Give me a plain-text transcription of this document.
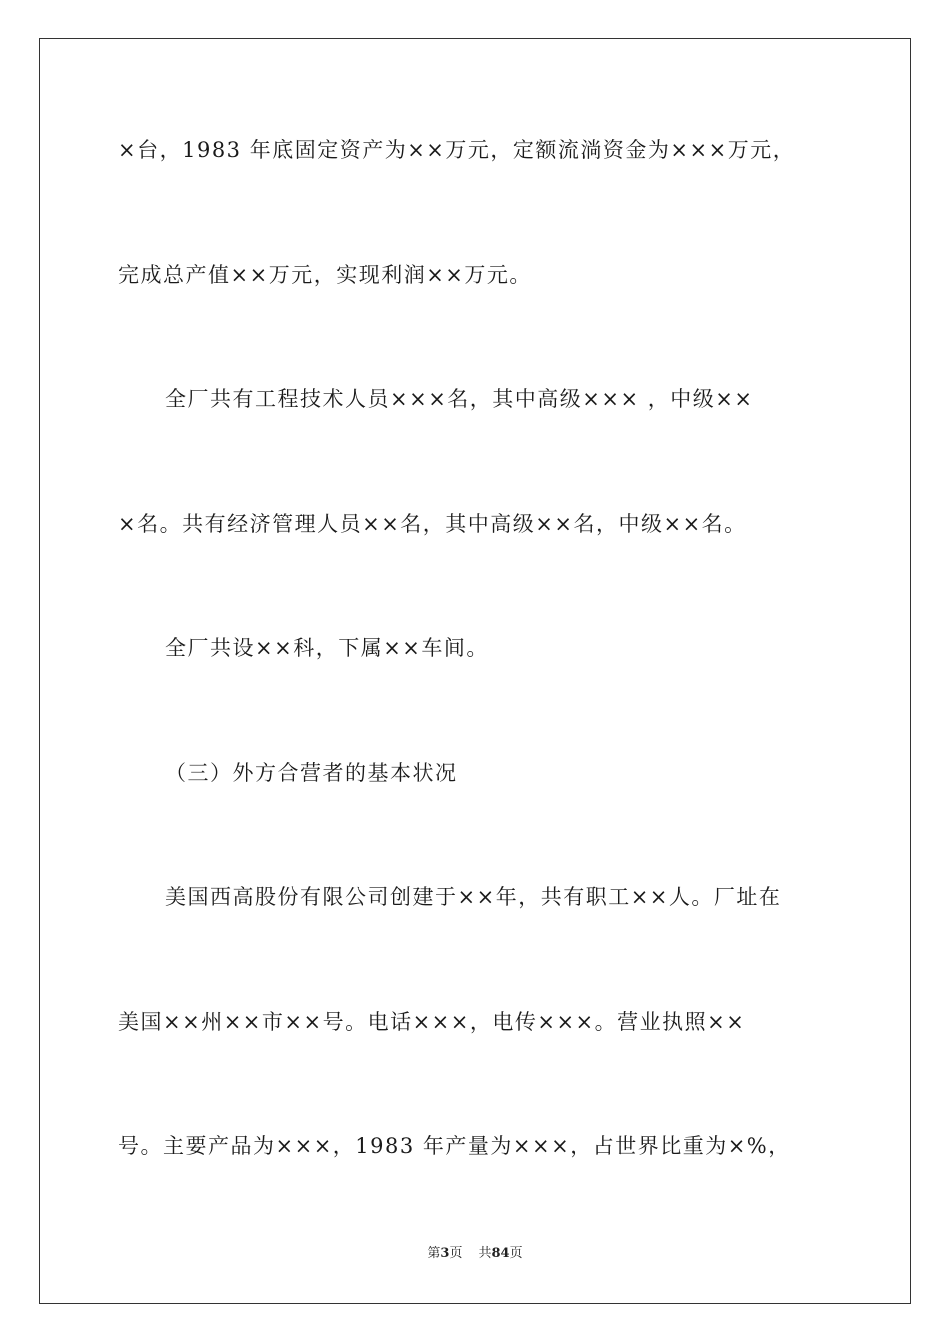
×台，1983 年底固定资产为××万元，定额流淌资金为×××万元，
完成总产值××万元，实现利润××万元。
全厂共有工程技术人员×××名，其中高级××× ，中级××
×名。共有经济管理人员××名，其中高级××名，中级××名。
全厂共设××科，下属××车间。
（三）外方合营者的基本状况
美国西高股份有限公司创建于××年，共有职工××人。厂址在
美国××州××市××号。电话×××，电传×××。营业执照××
号。主要产品为×××，1983 年产量为×××，占世界比重为×%，
第3页 共84页
